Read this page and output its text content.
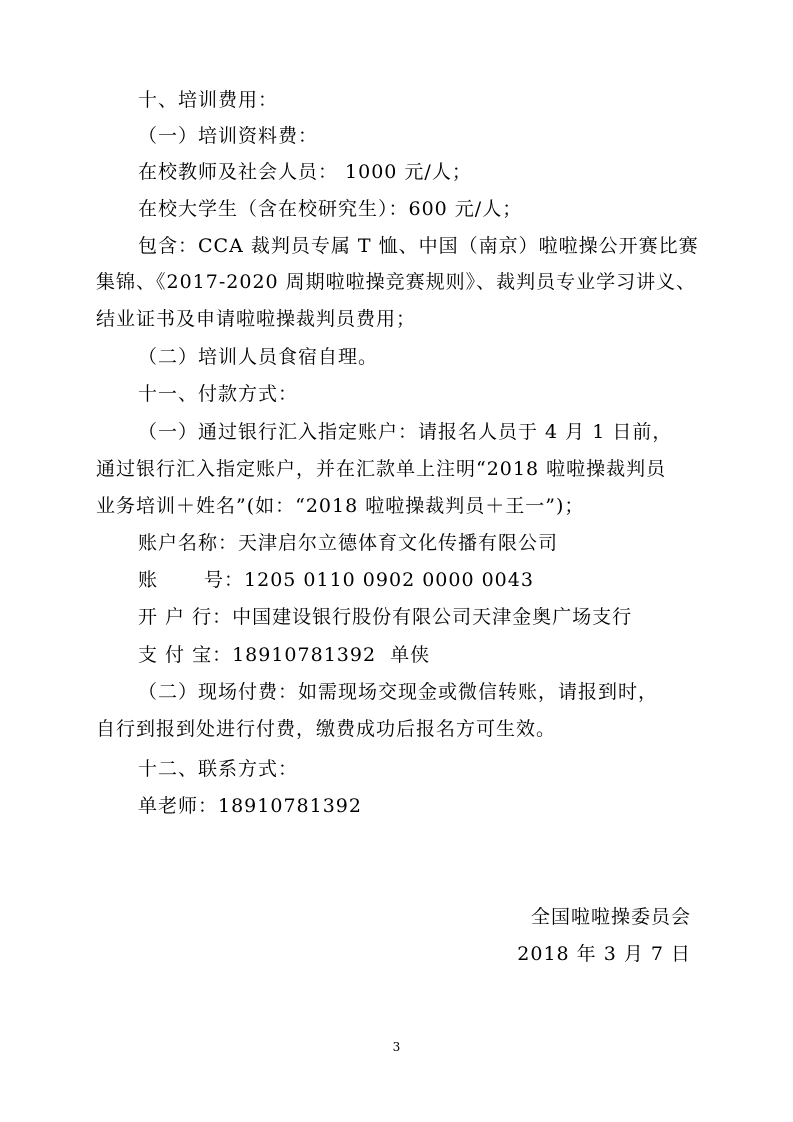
十、培训费用：
（一）培训资料费：
在校教师及社会人员： 1000 元/人；
在校大学生（含在校研究生）：600 元/人；
包含：CCA 裁判员专属 T 恤、中国（南京）啦啦操公开赛比赛
集锦、《2017-2020 周期啦啦操竞赛规则》、裁判员专业学习讲义、
结业证书及申请啦啦操裁判员费用；
（二）培训人员食宿自理。
十一、付款方式：
（一）通过银行汇入指定账户：请报名人员于 4 月 1 日前，
通过银行汇入指定账户，并在汇款单上注明“2018 啦啦操裁判员
业务培训＋姓名”(如：“2018 啦啦操裁判员＋王一”)；
账户名称：天津启尔立德体育文化传播有限公司
账 号：1205 0110 0902 0000 0043
开 户 行：中国建设银行股份有限公司天津金奥广场支行
支 付 宝：18910781392 单侠
（二）现场付费：如需现场交现金或微信转账，请报到时，
自行到报到处进行付费，缴费成功后报名方可生效。
十二、联系方式：
单老师：18910781392
全国啦啦操委员会
2018 年 3 月 7 日
3
